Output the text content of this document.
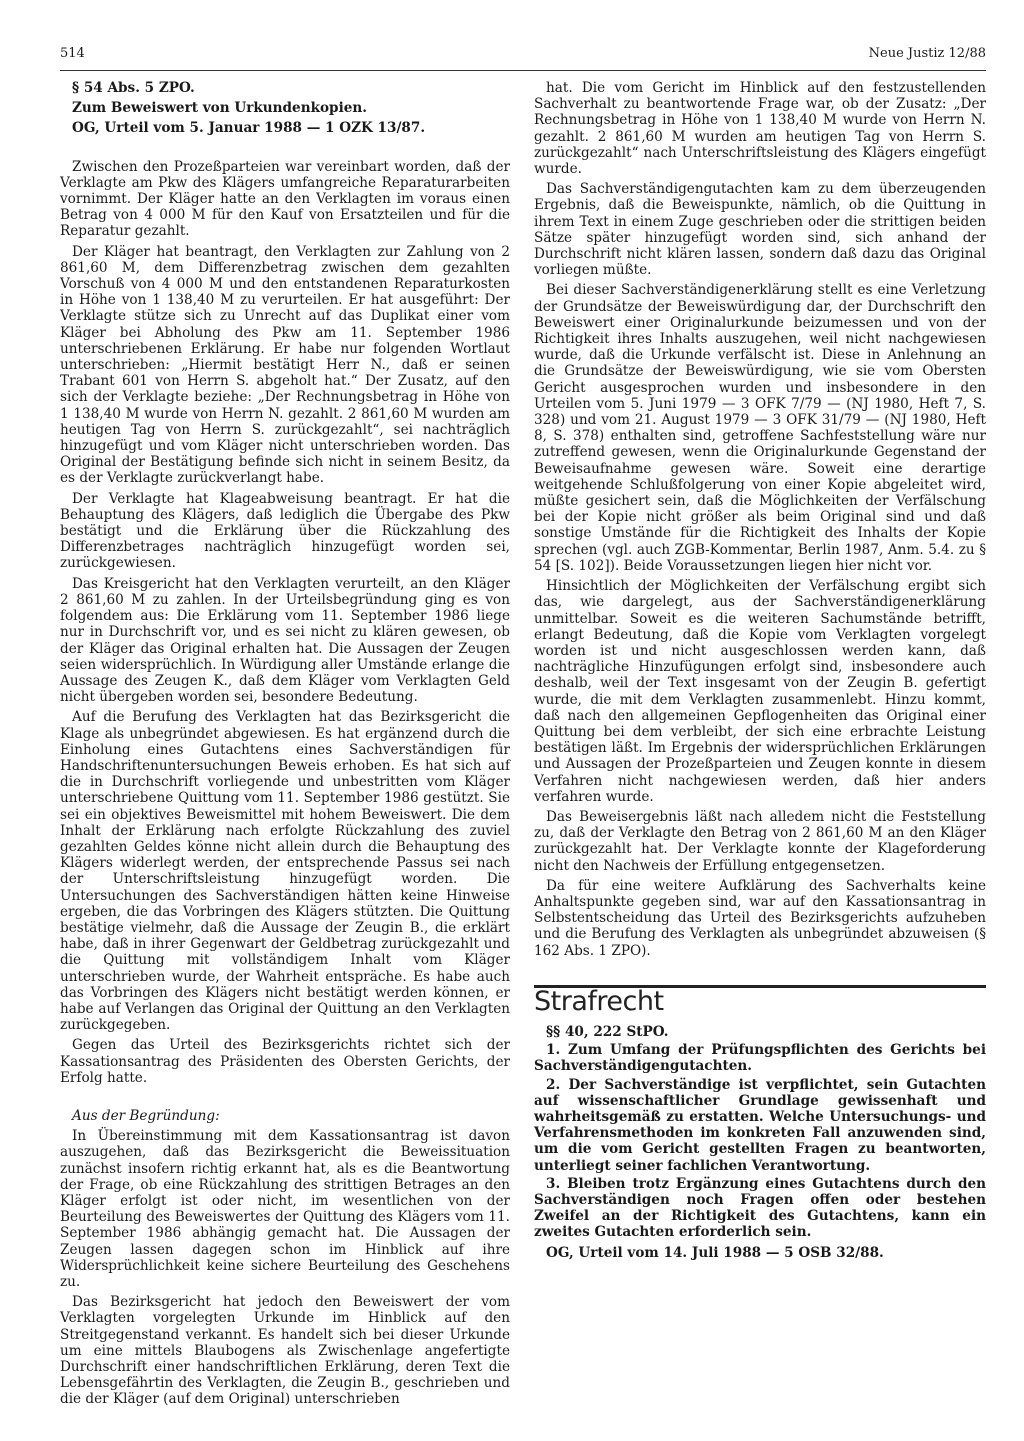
514	Neue Justiz 12/88

§ 54 Abs. 5 ZPO.

Zum Beweiswert von Urkundenkopien.

OG, Urteil vom 5. Januar 1988 — 1 OZK 13/87.

Zwischen den Prozeßparteien war vereinbart worden, daß der Verklagte am Pkw des Klägers umfangreiche Reparaturarbeiten vornimmt. Der Kläger hatte an den Verklagten im voraus einen Betrag von 4 000 M für den Kauf von Ersatzteilen und für die Reparatur gezahlt.

Der Kläger hat beantragt, den Verklagten zur Zahlung von 2 861,60 M, dem Differenzbetrag zwischen dem gezahlten Vorschuß von 4 000 M und den entstandenen Reparaturkosten in Höhe von 1 138,40 M zu verurteilen. Er hat ausgeführt: Der Verklagte stütze sich zu Unrecht auf das Duplikat einer vom Kläger bei Abholung des Pkw am 11. September 1986 unterschriebenen Erklärung. Er habe nur folgenden Wortlaut unterschrieben: „Hiermit bestätigt Herr N., daß er seinen Trabant 601 von Herrn S. abgeholt hat.“ Der Zusatz, auf den sich der Verklagte beziehe: „Der Rechnungsbetrag in Höhe von 1 138,40 M wurde von Herrn N. gezahlt. 2 861,60 M wurden am heutigen Tag von Herrn S. zurückgezahlt“, sei nachträglich hinzugefügt und vom Kläger nicht unterschrieben worden. Das Original der Bestätigung befinde sich nicht in seinem Besitz, da es der Verklagte zurückverlangt habe.

Der Verklagte hat Klageabweisung beantragt. Er hat die Behauptung des Klägers, daß lediglich die Übergabe des Pkw bestätigt und die Erklärung über die Rückzahlung des Differenzbetrages nachträglich hinzugefügt worden sei, zurückgewiesen.

Das Kreisgericht hat den Verklagten verurteilt, an den Kläger 2 861,60 M zu zahlen. In der Urteilsbegründung ging es von folgendem aus: Die Erklärung vom 11. September 1986 liege nur in Durchschrift vor, und es sei nicht zu klären gewesen, ob der Kläger das Original erhalten hat. Die Aussagen der Zeugen seien widersprüchlich. In Würdigung aller Umstände erlange die Aussage des Zeugen K., daß dem Kläger vom Verklagten Geld nicht übergeben worden sei, besondere Bedeutung.

Auf die Berufung des Verklagten hat das Bezirksgericht die Klage als unbegründet abgewiesen. Es hat ergänzend durch die Einholung eines Gutachtens eines Sachverständigen für Handschriftenuntersuchungen Beweis erhoben. Es hat sich auf die in Durchschrift vorliegende und unbestritten vom Kläger unterschriebene Quittung vom 11. September 1986 gestützt. Sie sei ein objektives Beweismittel mit hohem Beweiswert. Die dem Inhalt der Erklärung nach erfolgte Rückzahlung des zuviel gezahlten Geldes könne nicht allein durch die Behauptung des Klägers widerlegt werden, der entsprechende Passus sei nach der Unterschriftsleistung hinzugefügt worden. Die Untersuchungen des Sachverständigen hätten keine Hinweise ergeben, die das Vorbringen des Klägers stützten. Die Quittung bestätige vielmehr, daß die Aussage der Zeugin B., die erklärt habe, daß in ihrer Gegenwart der Geldbetrag zurückgezahlt und die Quittung mit vollständigem Inhalt vom Kläger unterschrieben wurde, der Wahrheit entspräche. Es habe auch das Vorbringen des Klägers nicht bestätigt werden können, er habe auf Verlangen das Original der Quittung an den Verklagten zurückgegeben.

Gegen das Urteil des Bezirksgerichts richtet sich der Kassationsantrag des Präsidenten des Obersten Gerichts, der Erfolg hatte.

Aus der Begründung:

In Übereinstimmung mit dem Kassationsantrag ist davon auszugehen, daß das Bezirksgericht die Beweissituation zunächst insofern richtig erkannt hat, als es die Beantwortung der Frage, ob eine Rückzahlung des strittigen Betrages an den Kläger erfolgt ist oder nicht, im wesentlichen von der Beurteilung des Beweiswertes der Quittung des Klägers vom 11. September 1986 abhängig gemacht hat. Die Aussagen der Zeugen lassen dagegen schon im Hinblick auf ihre Widersprüchlichkeit keine sichere Beurteilung des Geschehens zu.

Das Bezirksgericht hat jedoch den Beweiswert der vom Verklagten vorgelegten Urkunde im Hinblick auf den Streitgegenstand verkannt. Es handelt sich bei dieser Urkunde um eine mittels Blaubogens als Zwischenlage angefertigte Durchschrift einer handschriftlichen Erklärung, deren Text die Lebensgefährtin des Verklagten, die Zeugin B., geschrieben und die der Kläger (auf dem Original) unterschrieben

hat. Die vom Gericht im Hinblick auf den festzustellenden Sachverhalt zu beantwortende Frage war, ob der Zusatz: „Der Rechnungsbetrag in Höhe von 1 138,40 M wurde von Herrn N. gezahlt. 2 861,60 M wurden am heutigen Tag von Herrn S. zurückgezahlt“ nach Unterschriftsleistung des Klägers eingefügt wurde.

Das Sachverständigengutachten kam zu dem überzeugenden Ergebnis, daß die Beweispunkte, nämlich, ob die Quittung in ihrem Text in einem Zuge geschrieben oder die strittigen beiden Sätze später hinzugefügt worden sind, sich anhand der Durchschrift nicht klären lassen, sondern daß dazu das Original vorliegen müßte.

Bei dieser Sachverständigenerklärung stellt es eine Verletzung der Grundsätze der Beweiswürdigung dar, der Durchschrift den Beweiswert einer Originalurkunde beizumessen und von der Richtigkeit ihres Inhalts auszugehen, weil nicht nachgewiesen wurde, daß die Urkunde verfälscht ist. Diese in Anlehnung an die Grundsätze der Beweiswürdigung, wie sie vom Obersten Gericht ausgesprochen wurden und insbesondere in den Urteilen vom 5. Juni 1979 — 3 OFK 7/79 — (NJ 1980, Heft 7, S. 328) und vom 21. August 1979 — 3 OFK 31/79 — (NJ 1980, Heft 8, S. 378) enthalten sind, getroffene Sachfeststellung wäre nur zutreffend gewesen, wenn die Originalurkunde Gegenstand der Beweisaufnahme gewesen wäre. Soweit eine derartige weitgehende Schlußfolgerung von einer Kopie abgeleitet wird, müßte gesichert sein, daß die Möglichkeiten der Verfälschung bei der Kopie nicht größer als beim Original sind und daß sonstige Umstände für die Richtigkeit des Inhalts der Kopie sprechen (vgl. auch ZGB-Kommentar, Berlin 1987, Anm. 5.4. zu § 54 [S. 102]). Beide Voraussetzungen liegen hier nicht vor.

Hinsichtlich der Möglichkeiten der Verfälschung ergibt sich das, wie dargelegt, aus der Sachverständigenerklärung unmittelbar. Soweit es die weiteren Sachumstände betrifft, erlangt Bedeutung, daß die Kopie vom Verklagten vorgelegt worden ist und nicht ausgeschlossen werden kann, daß nachträgliche Hinzufügungen erfolgt sind, insbesondere auch deshalb, weil der Text insgesamt von der Zeugin B. gefertigt wurde, die mit dem Verklagten zusammenlebt. Hinzu kommt, daß nach den allgemeinen Gepflogenheiten das Original einer Quittung bei dem verbleibt, der sich eine erbrachte Leistung bestätigen läßt. Im Ergebnis der widersprüchlichen Erklärungen und Aussagen der Prozeßparteien und Zeugen konnte in diesem Verfahren nicht nachgewiesen werden, daß hier anders verfahren wurde.

Das Beweisergebnis läßt nach alledem nicht die Feststellung zu, daß der Verklagte den Betrag von 2 861,60 M an den Kläger zurückgezahlt hat. Der Verklagte konnte der Klageforderung nicht den Nachweis der Erfüllung entgegensetzen.

Da für eine weitere Aufklärung des Sachverhalts keine Anhaltspunkte gegeben sind, war auf den Kassationsantrag in Selbstentscheidung das Urteil des Bezirksgerichts aufzuheben und die Berufung des Verklagten als unbegründet abzuweisen (§ 162 Abs. 1 ZPO).

Strafrecht

§§ 40, 222 StPO.

1. Zum Umfang der Prüfungspflichten des Gerichts bei Sachverständigengutachten.

2. Der Sachverständige ist verpflichtet, sein Gutachten auf wissenschaftlicher Grundlage gewissenhaft und wahrheitsgemäß zu erstatten. Welche Untersuchungs- und Verfahrensmethoden im konkreten Fall anzuwenden sind, um die vom Gericht gestellten Fragen zu beantworten, unterliegt seiner fachlichen Verantwortung.

3. Bleiben trotz Ergänzung eines Gutachtens durch den Sachverständigen noch Fragen offen oder bestehen Zweifel an der Richtigkeit des Gutachtens, kann ein zweites Gutachten erforderlich sein.

OG, Urteil vom 14. Juli 1988 — 5 OSB 32/88.
